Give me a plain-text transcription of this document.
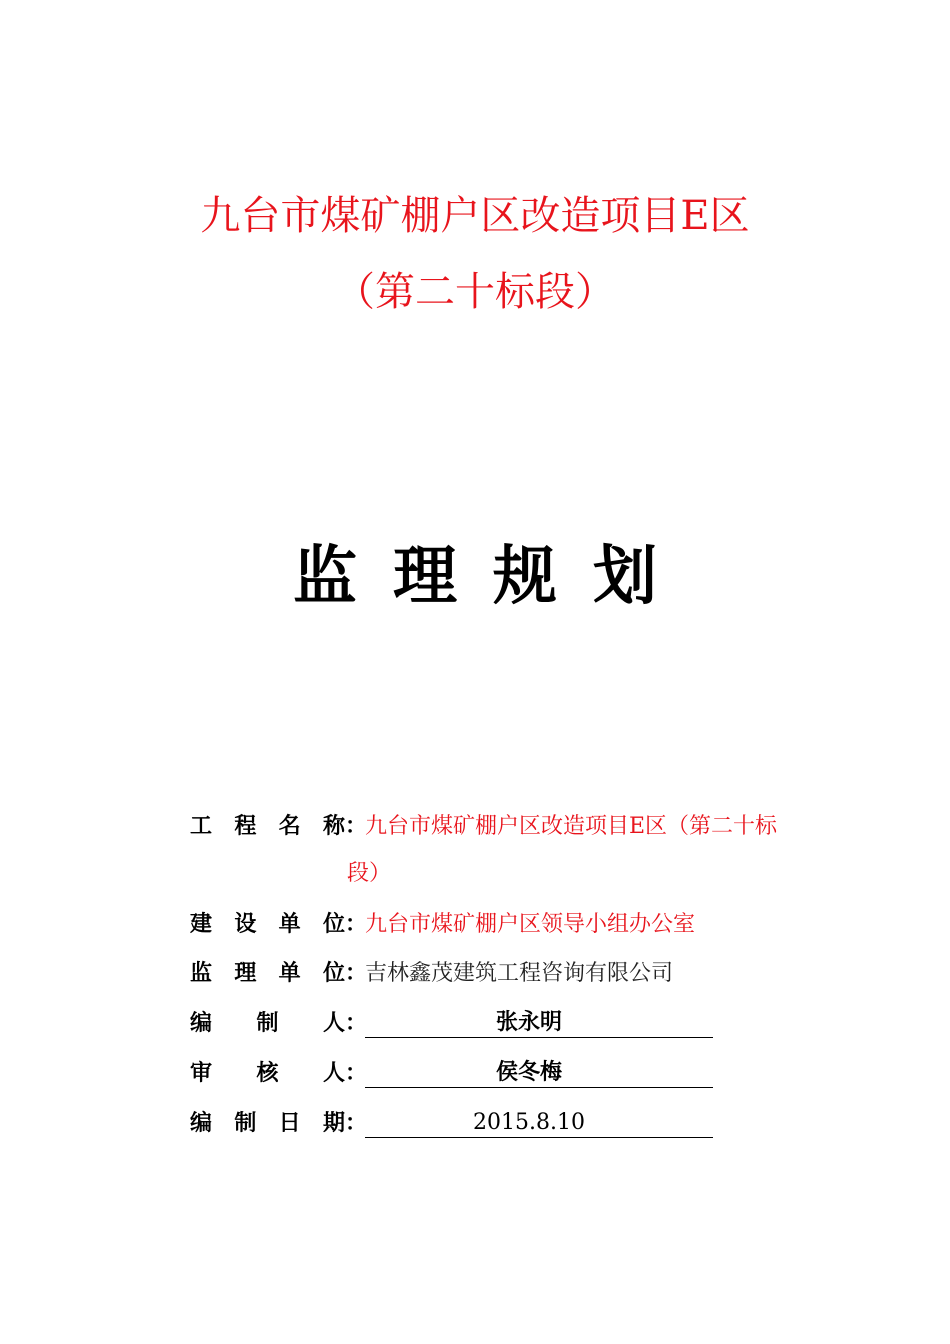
九台市煤矿棚户区改造项目E区
（第二十标段）
监理规划
工 程 名 称 ：
九台市煤矿棚户区改造项目E区（第二十标
段）
建 设 单 位 ：
九台市煤矿棚户区领导小组办公室
监 理 单 位 ：
吉林鑫茂建筑工程咨询有限公司
编 制 人 ：	张永明
审 核 人 ：	侯冬梅
编 制 日 期 ：	2015.8.10
